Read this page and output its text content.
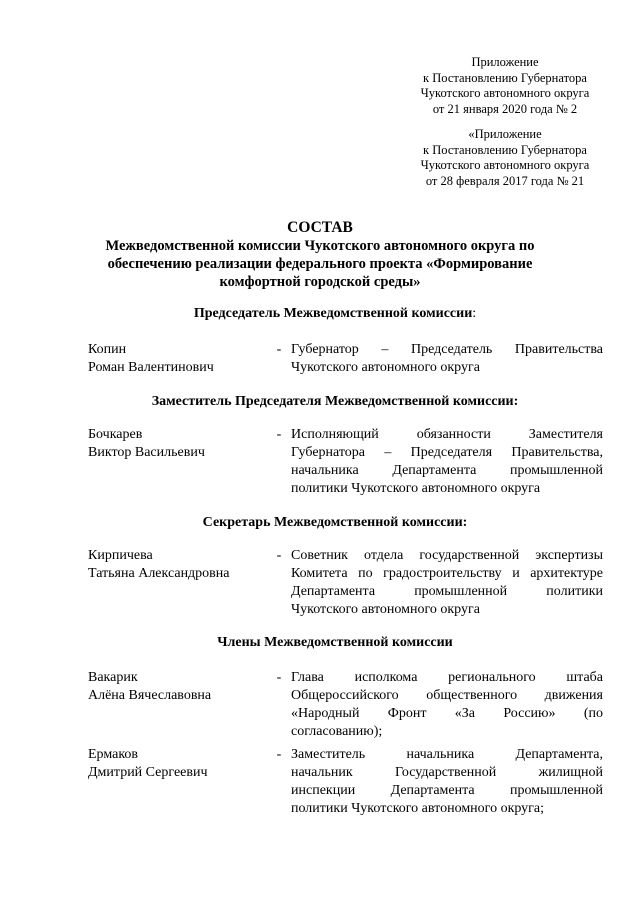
Приложение
к Постановлению Губернатора
Чукотского автономного округа
от 21 января 2020 года № 2
«Приложение
к Постановлению Губернатора
Чукотского автономного округа
от 28 февраля 2017 года № 21
СОСТАВ
Межведомственной комиссии Чукотского автономного округа по
обеспечению реализации федерального проекта «Формирование
комфортной городской среды»
Председатель Межведомственной комиссии:
Копин
Роман Валентинович
- Губернатор – Председатель Правительства
Чукотского автономного округа
Заместитель Председателя Межведомственной комиссии:
Бочкарев
Виктор Васильевич
- Исполняющий обязанности Заместителя
Губернатора – Председателя Правительства,
начальника Департамента промышленной
политики Чукотского автономного округа
Секретарь Межведомственной комиссии:
Кирпичева
Татьяна Александровна
- Советник отдела государственной экспертизы
Комитета по градостроительству и архитектуре
Департамента промышленной политики
Чукотского автономного округа
Члены Межведомственной комиссии
Вакарик
Алёна Вячеславовна
- Глава исполкома регионального штаба
Общероссийского общественного движения
«Народный Фронт «За Россию» (по
согласованию);
Ермаков
Дмитрий Сергеевич
- Заместитель начальника Департамента,
начальник Государственной жилищной
инспекции Департамента промышленной
политики Чукотского автономного округа;
